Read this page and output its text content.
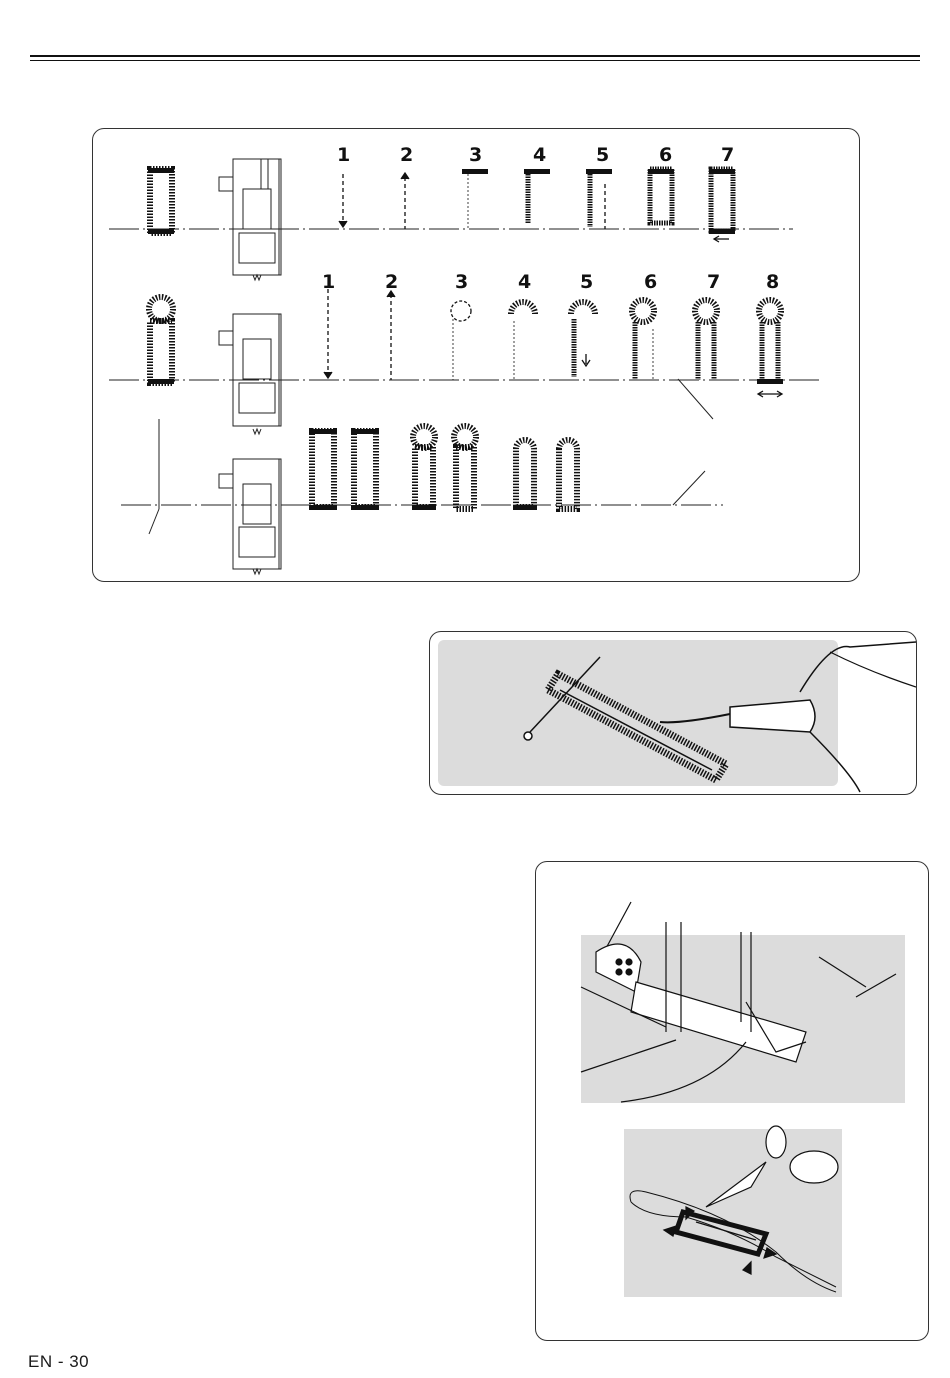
1	2	3	4	5	6	7
1	2	3	4	5	6	7 8
EN - 30
